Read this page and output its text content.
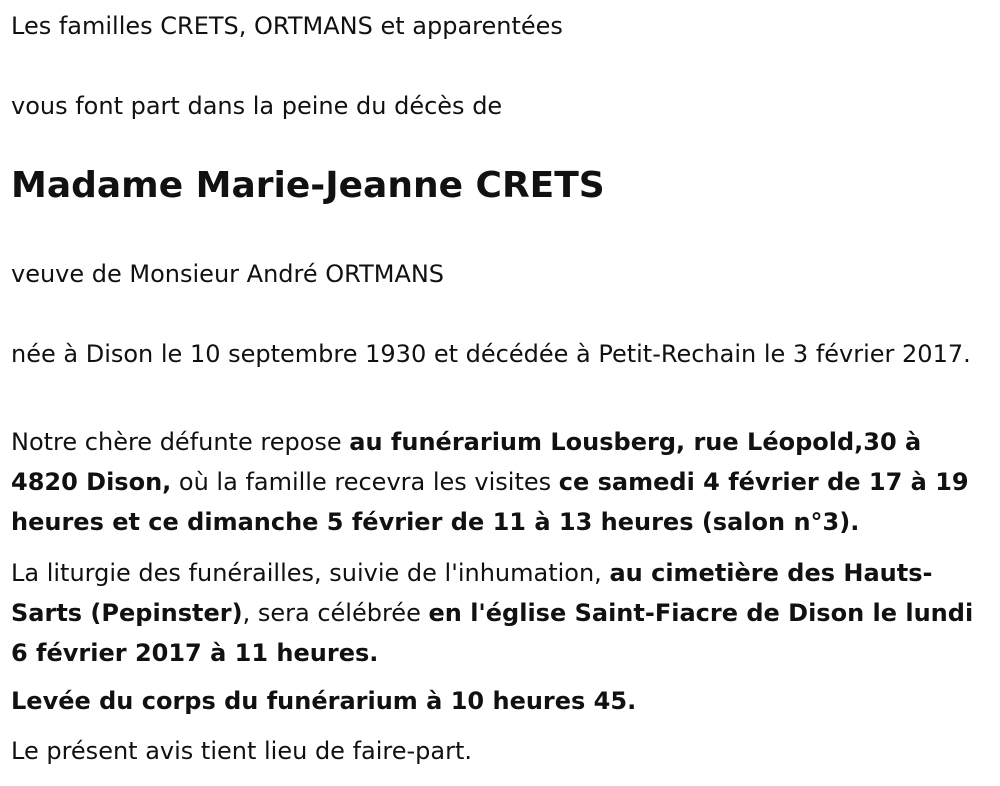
Les familles CRETS, ORTMANS et apparentées
vous font part dans la peine du décès de
Madame Marie-Jeanne CRETS
veuve de Monsieur André ORTMANS
née à Dison le 10 septembre 1930 et décédée à Petit-Rechain le 3 février 2017.
Notre chère défunte repose au funérarium Lousberg, rue Léopold,30 à 4820 Dison, où la famille recevra les visites ce samedi 4 février de 17 à 19 heures et ce dimanche 5 février de 11 à 13 heures (salon n°3).
La liturgie des funérailles, suivie de l'inhumation, au cimetière des Hauts-Sarts (Pepinster), sera célébrée en l'église Saint-Fiacre de Dison le lundi 6 février 2017 à 11 heures.
Levée du corps du funérarium à 10 heures 45.
Le présent avis tient lieu de faire-part.
